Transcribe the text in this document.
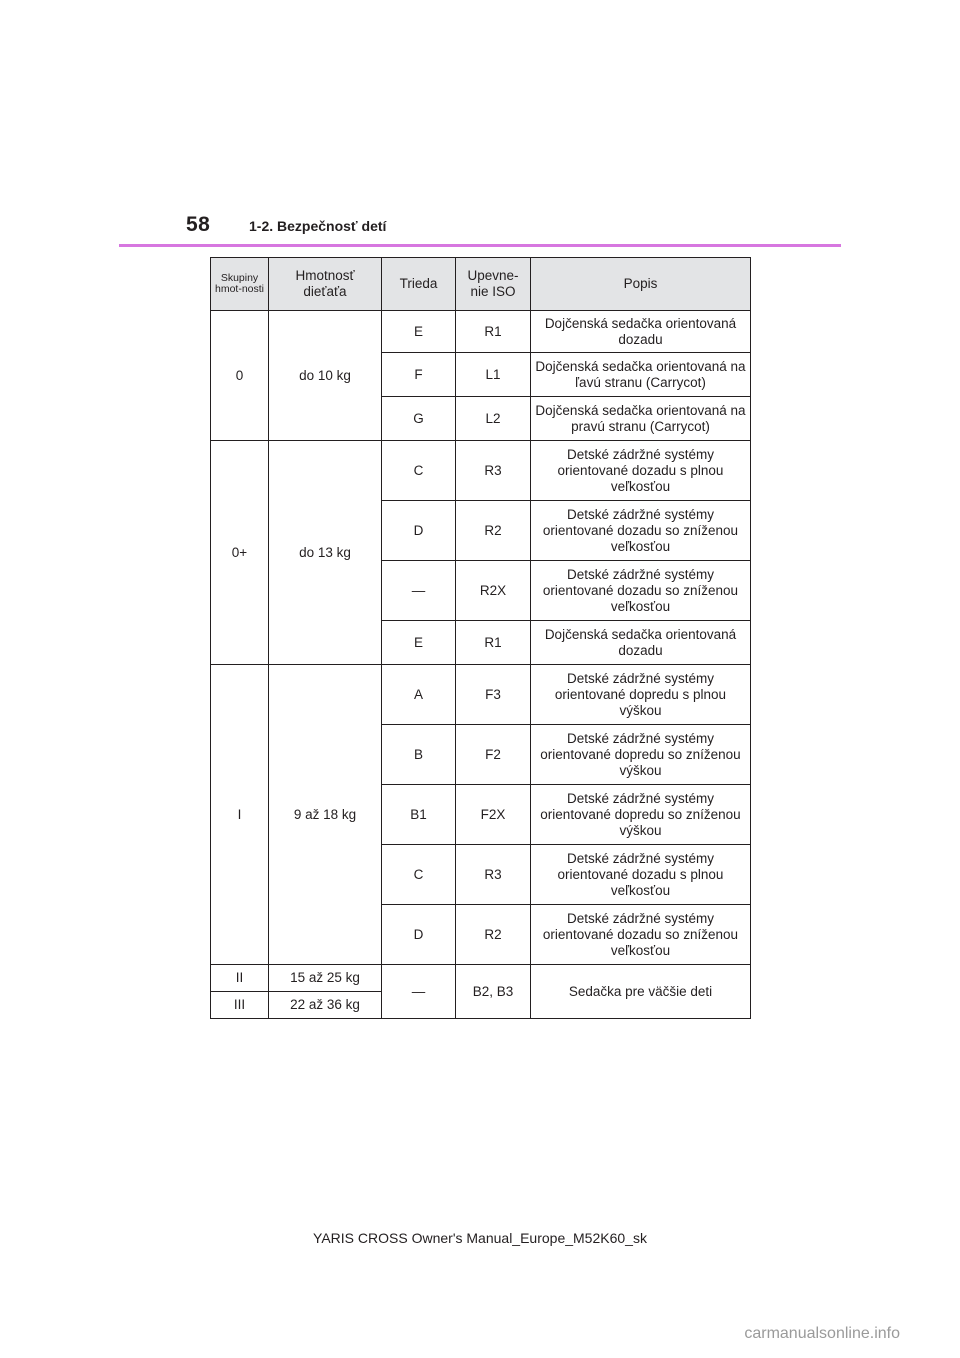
58	1-2. Bezpečnosť detí
Skupiny hmot-nosti	Hmotnosť dieťaťa	Trieda	Upevne-nie ISO	Popis
0	do 10 kg	E	R1	Dojčenská sedačka orientovaná dozadu
		F	L1	Dojčenská sedačka orientovaná na ľavú stranu (Carrycot)
		G	L2	Dojčenská sedačka orientovaná na pravú stranu (Carrycot)
0+	do 13 kg	C	R3	Detské zádržné systémy orientované dozadu s plnou veľkosťou
		D	R2	Detské zádržné systémy orientované dozadu so zníženou veľkosťou
		—	R2X	Detské zádržné systémy orientované dozadu so zníženou veľkosťou
		E	R1	Dojčenská sedačka orientovaná dozadu
I	9 až 18 kg	A	F3	Detské zádržné systémy orientované dopredu s plnou výškou
		B	F2	Detské zádržné systémy orientované dopredu so zníženou výškou
		B1	F2X	Detské zádržné systémy orientované dopredu so zníženou výškou
		C	R3	Detské zádržné systémy orientované dozadu s plnou veľkosťou
		D	R2	Detské zádržné systémy orientované dozadu so zníženou veľkosťou
II	15 až 25 kg	—	B2, B3	Sedačka pre väčšie deti
III	22 až 36 kg			
YARIS CROSS Owner's Manual_Europe_M52K60_sk
carmanualsonline.info
